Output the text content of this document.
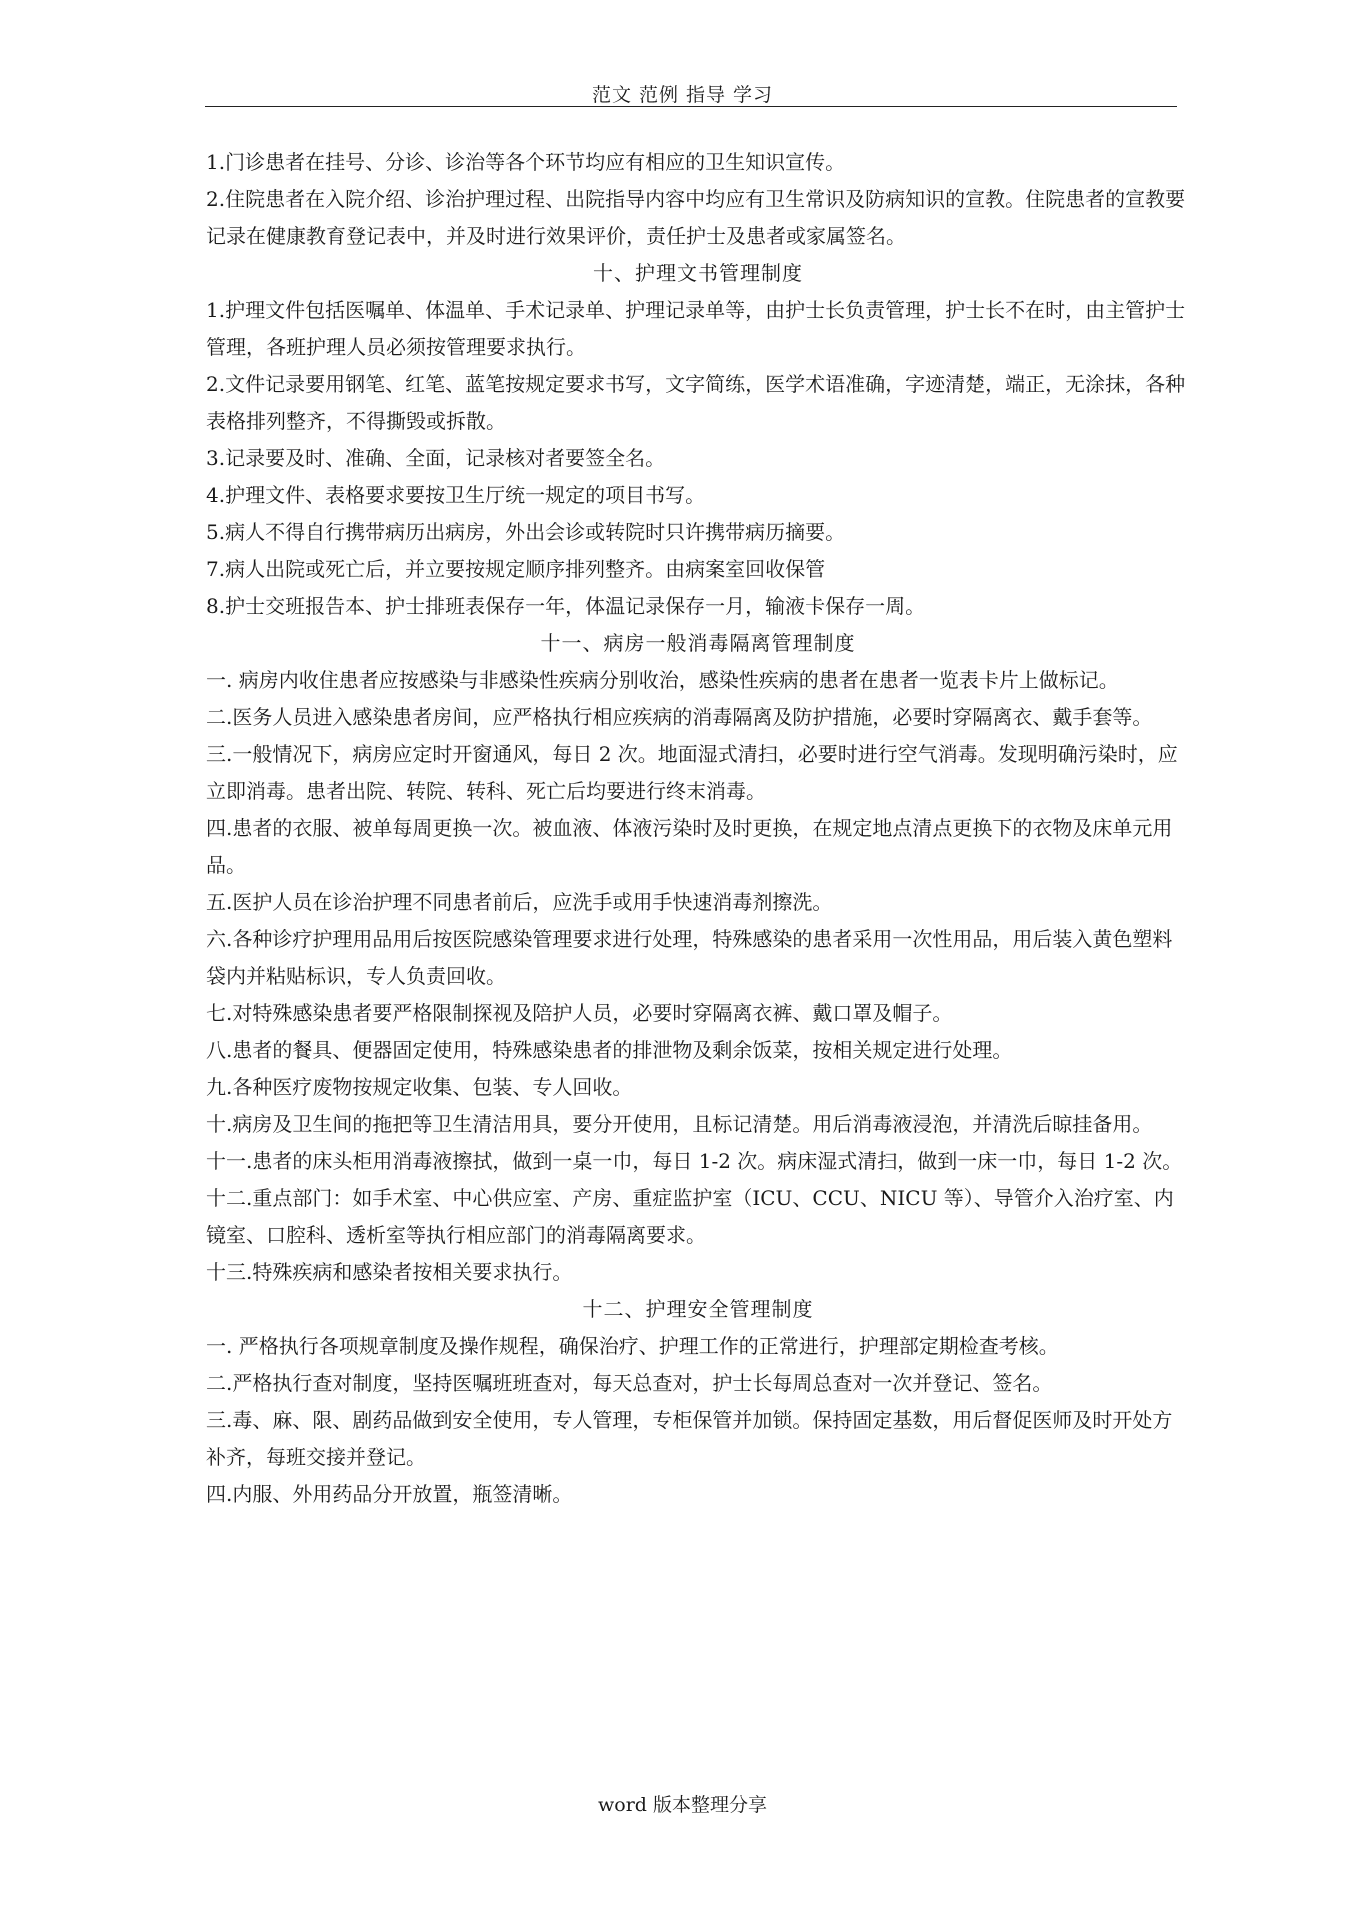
范文 范例 指导 学习

1.门诊患者在挂号、分诊、诊治等各个环节均应有相应的卫生知识宣传。

2.住院患者在入院介绍、诊治护理过程、出院指导内容中均应有卫生常识及防病知识的宣教。住院患者的宣教要记录在健康教育登记表中，并及时进行效果评价，责任护士及患者或家属签名。

十、护理文书管理制度

1.护理文件包括医嘱单、体温单、手术记录单、护理记录单等，由护士长负责管理，护士长不在时，由主管护士管理，各班护理人员必须按管理要求执行。

2.文件记录要用钢笔、红笔、蓝笔按规定要求书写，文字简练，医学术语准确，字迹清楚，端正，无涂抹，各种表格排列整齐，不得撕毁或拆散。

3.记录要及时、准确、全面，记录核对者要签全名。

4.护理文件、表格要求要按卫生厅统一规定的项目书写。

5.病人不得自行携带病历出病房，外出会诊或转院时只许携带病历摘要。

7.病人出院或死亡后，并立要按规定顺序排列整齐。由病案室回收保管

8.护士交班报告本、护士排班表保存一年，体温记录保存一月，输液卡保存一周。

十一、病房一般消毒隔离管理制度

一. 病房内收住患者应按感染与非感染性疾病分别收治，感染性疾病的患者在患者一览表卡片上做标记。

二.医务人员进入感染患者房间，应严格执行相应疾病的消毒隔离及防护措施，必要时穿隔离衣、戴手套等。

三.一般情况下，病房应定时开窗通风，每日 2 次。地面湿式清扫，必要时进行空气消毒。发现明确污染时，应立即消毒。患者出院、转院、转科、死亡后均要进行终末消毒。

四.患者的衣服、被单每周更换一次。被血液、体液污染时及时更换，在规定地点清点更换下的衣物及床单元用品。

五.医护人员在诊治护理不同患者前后，应洗手或用手快速消毒剂擦洗。

六.各种诊疗护理用品用后按医院感染管理要求进行处理，特殊感染的患者采用一次性用品，用后装入黄色塑料袋内并粘贴标识，专人负责回收。

七.对特殊感染患者要严格限制探视及陪护人员，必要时穿隔离衣裤、戴口罩及帽子。

八.患者的餐具、便器固定使用，特殊感染患者的排泄物及剩余饭菜，按相关规定进行处理。

九.各种医疗废物按规定收集、包装、专人回收。

十.病房及卫生间的拖把等卫生清洁用具，要分开使用，且标记清楚。用后消毒液浸泡，并清洗后晾挂备用。

十一.患者的床头柜用消毒液擦拭，做到一桌一巾，每日 1-2 次。病床湿式清扫，做到一床一巾，每日 1-2 次。

十二.重点部门：如手术室、中心供应室、产房、重症监护室（ICU、CCU、NICU 等）、导管介入治疗室、内镜室、口腔科、透析室等执行相应部门的消毒隔离要求。

十三.特殊疾病和感染者按相关要求执行。

十二、护理安全管理制度

一. 严格执行各项规章制度及操作规程，确保治疗、护理工作的正常进行，护理部定期检查考核。

二.严格执行查对制度，坚持医嘱班班查对，每天总查对，护士长每周总查对一次并登记、签名。

三.毒、麻、限、剧药品做到安全使用，专人管理，专柜保管并加锁。保持固定基数，用后督促医师及时开处方补齐，每班交接并登记。

四.内服、外用药品分开放置，瓶签清晰。

word 版本整理分享
